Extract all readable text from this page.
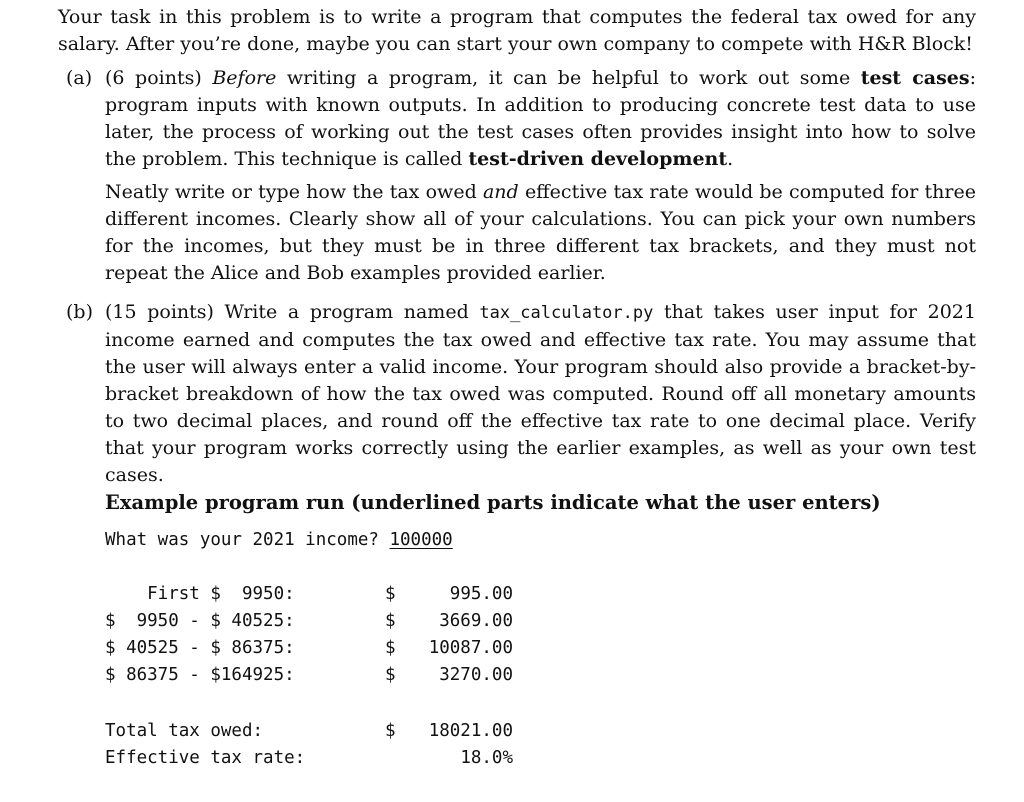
Your task in this problem is to write a program that computes the federal tax owed for any salary. After you’re done, maybe you can start your own company to compete with H&R Block!
(a) (6 points) Before writing a program, it can be helpful to work out some test cases: program inputs with known outputs. In addition to producing concrete test data to use later, the process of working out the test cases often provides insight into how to solve the problem. This technique is called test-driven development.

Neatly write or type how the tax owed and effective tax rate would be computed for three different incomes. Clearly show all of your calculations. You can pick your own numbers for the incomes, but they must be in three different tax brackets, and they must not repeat the Alice and Bob examples provided earlier.

(b) (15 points) Write a program named tax_calculator.py that takes user input for 2021 income earned and computes the tax owed and effective tax rate. You may assume that the user will always enter a valid income. Your program should also provide a bracket-by-bracket breakdown of how the tax owed was computed. Round off all monetary amounts to two decimal places, and round off the effective tax rate to one decimal place. Verify that your program works correctly using the earlier examples, as well as your own test cases.

Example program run (underlined parts indicate what the user enters)
What was your 2021 income? 100000
First $  9950:	$	995.00
$  9950 - $ 40525:	$	3669.00
$ 40525 - $ 86375:	$	10087.00
$ 86375 - $164925:	$	3270.00
Total tax owed:	$	18021.00
Effective tax rate:	18.0%
